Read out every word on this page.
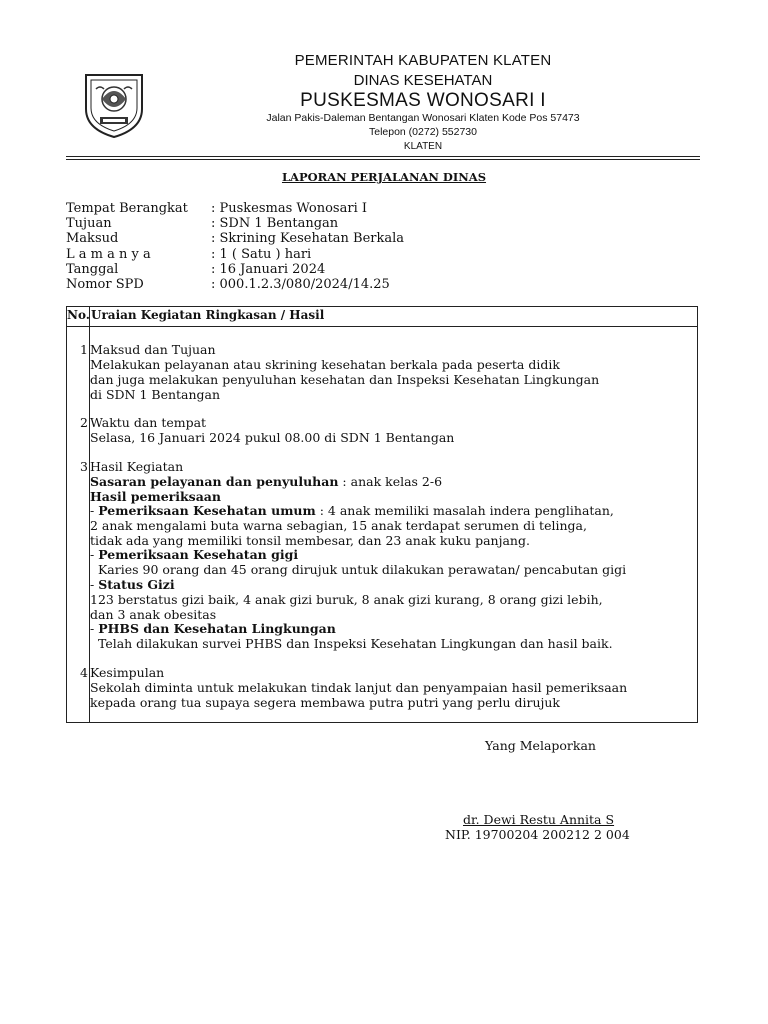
PEMERINTAH KABUPATEN KLATEN
DINAS KESEHATAN
PUSKESMAS WONOSARI I
Jalan Pakis-Daleman Bentangan Wonosari Klaten Kode Pos 57473
Telepon (0272) 552730
KLATEN
LAPORAN PERJALANAN DINAS
Tempat Berangkat : Puskesmas Wonosari I
Tujuan	: SDN 1 Bentangan
Maksud	: Skrining Kesehatan Berkala
L a m a n y a	: 1 ( Satu ) hari
Tanggal	: 16 Januari 2024
Nomor SPD	: 000.1.2.3/080/2024/14.25
No. Uraian Kegiatan Ringkasan / Hasil
1 Maksud dan Tujuan
Melakukan pelayanan atau skrining kesehatan berkala pada peserta didik
dan juga melakukan penyuluhan kesehatan dan Inspeksi Kesehatan Lingkungan
di SDN 1 Bentangan
2 Waktu dan tempat
Selasa, 16 Januari 2024 pukul 08.00 di SDN 1 Bentangan
3 Hasil Kegiatan
Sasaran pelayanan dan penyuluhan : anak kelas 2-6
Hasil pemeriksaan
- Pemeriksaan Kesehatan umum : 4 anak memiliki masalah indera penglihatan,
2 anak mengalami buta warna sebagian, 15 anak terdapat serumen di telinga,
tidak ada yang memiliki tonsil membesar, dan 23 anak kuku panjang.
- Pemeriksaan Kesehatan gigi
Karies 90 orang dan 45 orang dirujuk untuk dilakukan perawatan/ pencabutan gigi
- Status Gizi
123 berstatus gizi baik, 4 anak gizi buruk, 8 anak gizi kurang, 8 orang gizi lebih,
dan 3 anak obesitas
- PHBS dan Kesehatan Lingkungan
Telah dilakukan survei PHBS dan Inspeksi Kesehatan Lingkungan dan hasil baik.
4 Kesimpulan
Sekolah diminta untuk melakukan tindak lanjut dan penyampaian hasil pemeriksaan
kepada orang tua supaya segera membawa putra putri yang perlu dirujuk
Yang Melaporkan
dr. Dewi Restu Annita S
NIP. 19700204 200212 2 004
